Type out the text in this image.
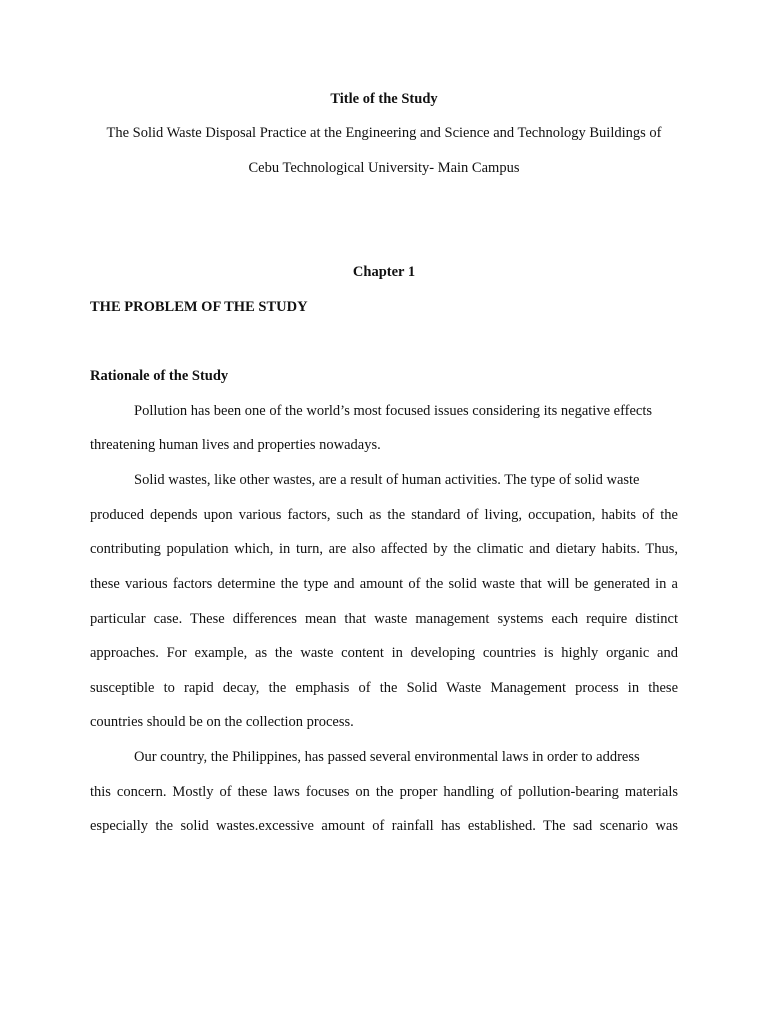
Title of the Study
The Solid Waste Disposal Practice at the Engineering and Science and Technology Buildings of
Cebu Technological University- Main Campus
Chapter 1
THE PROBLEM OF THE STUDY
Rationale of the Study
Pollution has been one of the world’s most focused issues considering its negative effects
threatening human lives and properties nowadays.
Solid wastes, like other wastes, are a result of human activities. The type of solid waste
produced depends upon various factors, such as the standard of living, occupation, habits of the
contributing population which, in turn, are also affected by the climatic and dietary habits. Thus,
these various factors determine the type and amount of the solid waste that will be generated in a
particular case. These differences mean that waste management systems each require distinct
approaches. For example, as the waste content in developing countries is highly organic and
susceptible to rapid decay, the emphasis of the Solid Waste Management process in these
countries should be on the collection process.
Our country, the Philippines, has passed several environmental laws in order to address
this concern. Mostly of these laws focuses on the proper handling of pollution-bearing materials
especially the solid wastes.excessive amount of rainfall has established. The sad scenario was
